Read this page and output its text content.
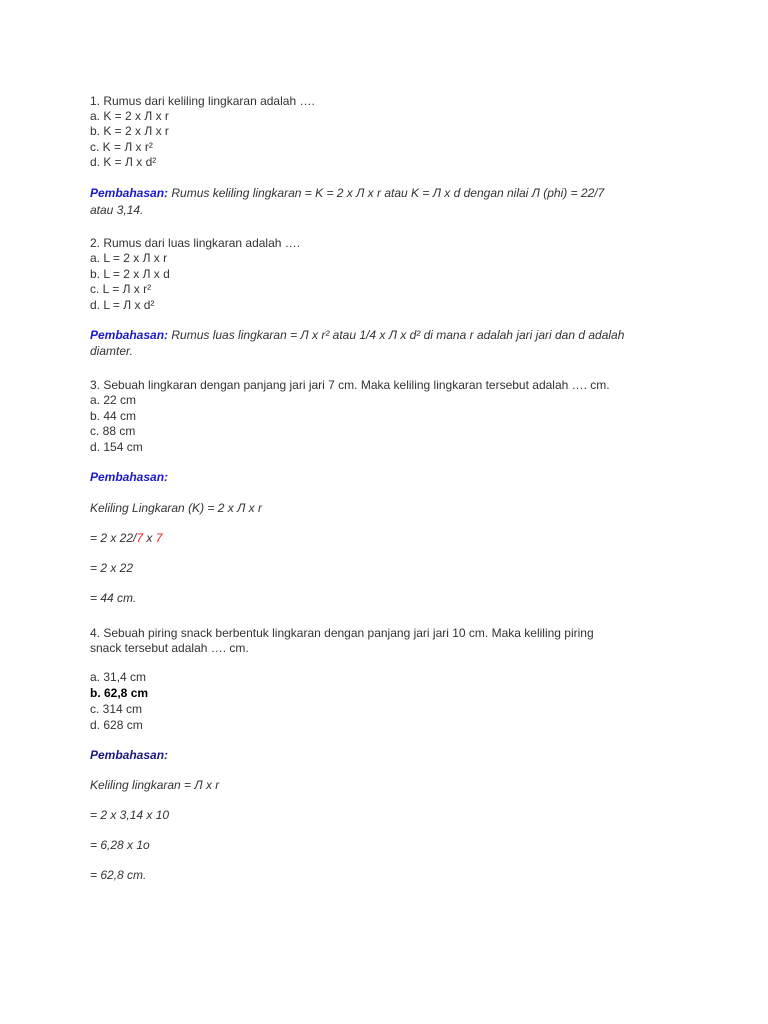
1. Rumus dari keliling lingkaran adalah ….
a. K = 2 x Л x r
b. K = 2 x Л x r
c. K = Л x r²
d. K = Л x d²
Pembahasan: Rumus keliling lingkaran = K = 2 x Л x r atau K = Л x d dengan nilai Л (phi) = 22/7
atau 3,14.
2. Rumus dari luas lingkaran adalah ….
a. L = 2 x Л x r
b. L = 2 x Л x d
c. L = Л x r²
d. L = Л x d²
Pembahasan: Rumus luas lingkaran = Л x r² atau 1/4 x Л x d² di mana r adalah jari jari dan d adalah
diamter.
3. Sebuah lingkaran dengan panjang jari jari 7 cm. Maka keliling lingkaran tersebut adalah …. cm.
a. 22 cm
b. 44 cm
c. 88 cm
d. 154 cm
Pembahasan:
Keliling Lingkaran (K) = 2 x Л x r
= 2 x 22/7 x 7
= 2 x 22
= 44 cm.
4. Sebuah piring snack berbentuk lingkaran dengan panjang jari jari 10 cm. Maka keliling piring
snack tersebut adalah …. cm.
a. 31,4 cm
b. 62,8 cm
c. 314 cm
d. 628 cm
Pembahasan:
Keliling lingkaran = Л x r
= 2 x 3,14 x 10
= 6,28 x 1o
= 62,8 cm.
